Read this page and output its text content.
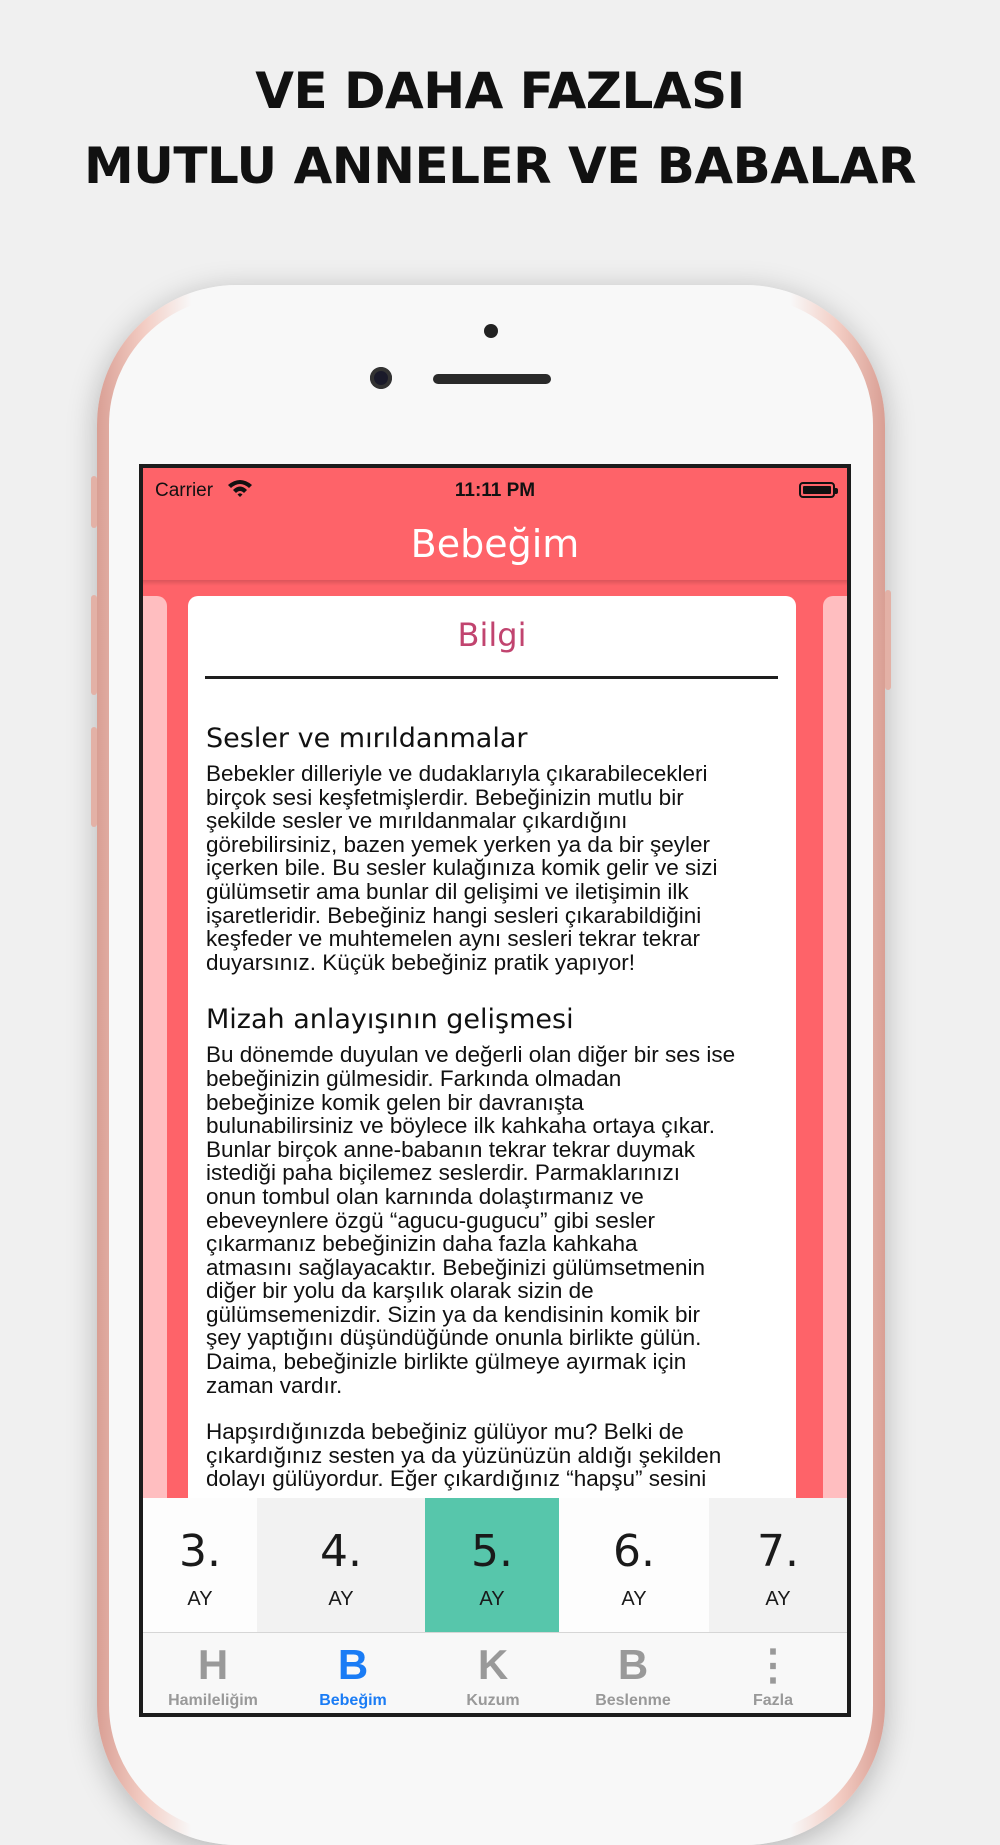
VE DAHA FAZLASI
MUTLU ANNELER VE BABALAR
Carrier	11:11 PM
Bebeğim
Bilgi
Sesler ve mırıldanmalar
Bebekler dilleriyle ve dudaklarıyla çıkarabilecekleri
birçok sesi keşfetmişlerdir. Bebeğinizin mutlu bir
şekilde sesler ve mırıldanmalar çıkardığını
görebilirsiniz, bazen yemek yerken ya da bir şeyler
içerken bile. Bu sesler kulağınıza komik gelir ve sizi
gülümsetir ama bunlar dil gelişimi ve iletişimin ilk
işaretleridir. Bebeğiniz hangi sesleri çıkarabildiğini
keşfeder ve muhtemelen aynı sesleri tekrar tekrar
duyarsınız. Küçük bebeğiniz pratik yapıyor!
Mizah anlayışının gelişmesi
Bu dönemde duyulan ve değerli olan diğer bir ses ise
bebeğinizin gülmesidir. Farkında olmadan
bebeğinize komik gelen bir davranışta
bulunabilirsiniz ve böylece ilk kahkaha ortaya çıkar.
Bunlar birçok anne-babanın tekrar tekrar duymak
istediği paha biçilemez seslerdir. Parmaklarınızı
onun tombul olan karnında dolaştırmanız ve
ebeveynlere özgü “agucu-gugucu” gibi sesler
çıkarmanız bebeğinizin daha fazla kahkaha
atmasını sağlayacaktır. Bebeğinizi gülümsetmenin
diğer bir yolu da karşılık olarak sizin de
gülümsemenizdir. Sizin ya da kendisinin komik bir
şey yaptığını düşündüğünde onunla birlikte gülün.
Daima, bebeğinizle birlikte gülmeye ayırmak için
zaman vardır.
Hapşırdığınızda bebeğiniz gülüyor mu? Belki de
çıkardığınız sesten ya da yüzünüzün aldığı şekilden
dolayı gülüyordur. Eğer çıkardığınız “hapşu” sesini
3.
AY
4.
AY
5.
AY
6.
AY
7.
AY
H
Hamileliğim
B
Bebeğim
K
Kuzum
B
Beslenme
⋮
Fazla
